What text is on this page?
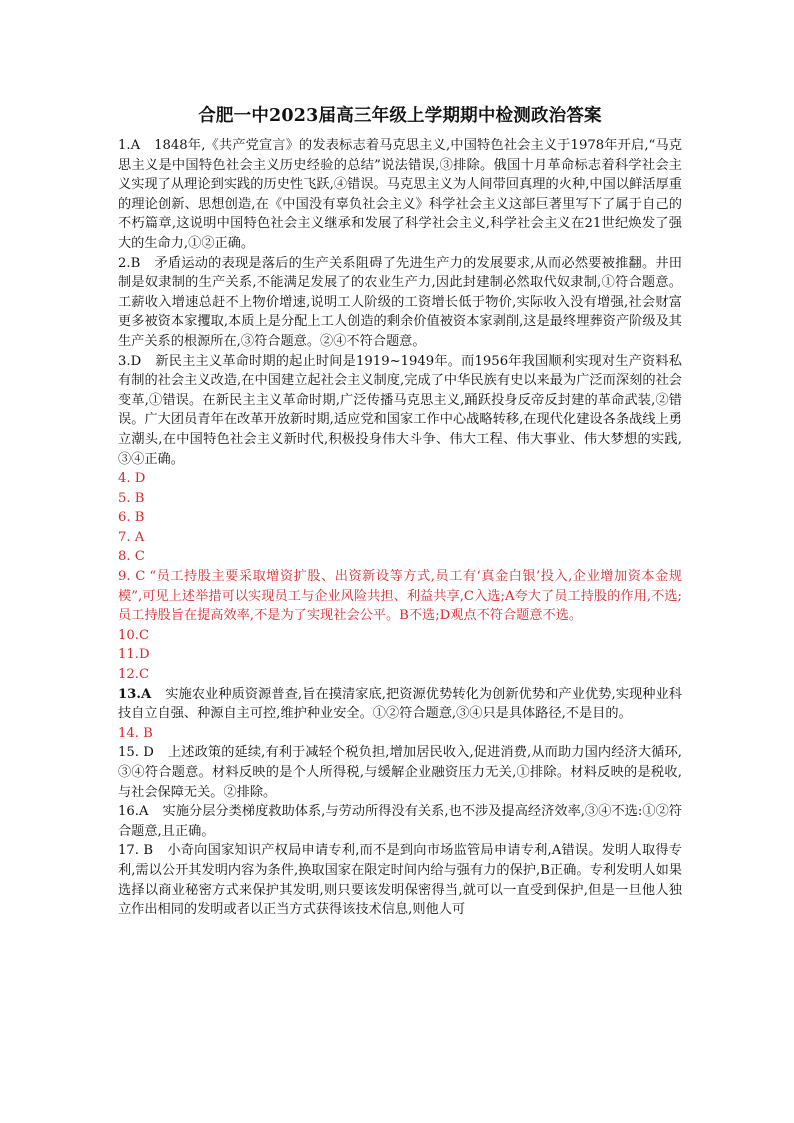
合肥一中2023届高三年级上学期期中检测政治答案

1.A 1848年,《共产党宣言》的发表标志着马克思主义,中国特色社会主义于1978年开启,“马克思主义是中国特色社会主义历史经验的总结”说法错误,③排除。俄国十月革命标志着科学社会主义实现了从理论到实践的历史性飞跃,④错误。马克思主义为人间带回真理的火种,中国以鲜活厚重的理论创新、思想创造,在《中国没有辜负社会主义》科学社会主义这部巨著里写下了属于自己的不朽篇章,这说明中国特色社会主义继承和发展了科学社会主义,科学社会主义在21世纪焕发了强大的生命力,①②正确。

2.B 矛盾运动的表现是落后的生产关系阻碍了先进生产力的发展要求,从而必然要被推翻。井田制是奴隶制的生产关系,不能满足发展了的农业生产力,因此封建制必然取代奴隶制,①符合题意。工薪收入增速总赶不上物价增速,说明工人阶级的工资增长低于物价,实际收入没有增强,社会财富更多被资本家攫取,本质上是分配上工人创造的剩余价值被资本家剥削,这是最终埋葬资产阶级及其生产关系的根源所在,③符合题意。②④不符合题意。

3.D 新民主主义革命时期的起止时间是1919~1949年。而1956年我国顺利实现对生产资料私有制的社会主义改造,在中国建立起社会主义制度,完成了中华民族有史以来最为广泛而深刻的社会变革,①错误。在新民主主义革命时期,广泛传播马克思主义,踊跃投身反帝反封建的革命武装,②错误。广大团员青年在改革开放新时期,适应党和国家工作中心战略转移,在现代化建设各条战线上勇立潮头,在中国特色社会主义新时代,积极投身伟大斗争、伟大工程、伟大事业、伟大梦想的实践,③④正确。

4. D

5. B

6. B

7. A

8. C

9. C “员工持股主要采取增资扩股、出资新设等方式,员工有‘真金白银’投入,企业增加资本金规模”,可见上述举措可以实现员工与企业风险共担、利益共享,C入选;A夸大了员工持股的作用,不选;员工持股旨在提高效率,不是为了实现社会公平。B不选;D观点不符合题意不选。

10.C

11.D

12.C

13.A 实施农业种质资源普查,旨在摸清家底,把资源优势转化为创新优势和产业优势,实现种业科技自立自强、种源自主可控,维护种业安全。①②符合题意,③④只是具体路径,不是目的。

14. B

15. D 上述政策的延续,有利于减轻个税负担,增加居民收入,促进消费,从而助力国内经济大循环,③④符合题意。材料反映的是个人所得税,与缓解企业融资压力无关,①排除。材料反映的是税收,与社会保障无关。②排除。

16.A 实施分层分类梯度救助体系,与劳动所得没有关系,也不涉及提高经济效率,③④不选:①②符合题意,且正确。

17. B 小奇向国家知识产权局申请专利,而不是到向市场监管局申请专利,A错误。发明人取得专利,需以公开其发明内容为条件,换取国家在限定时间内给与强有力的保护,B正确。专利发明人如果选择以商业秘密方式来保护其发明,则只要该发明保密得当,就可以一直受到保护,但是一旦他人独立作出相同的发明或者以正当方式获得该技术信息,则他人可
